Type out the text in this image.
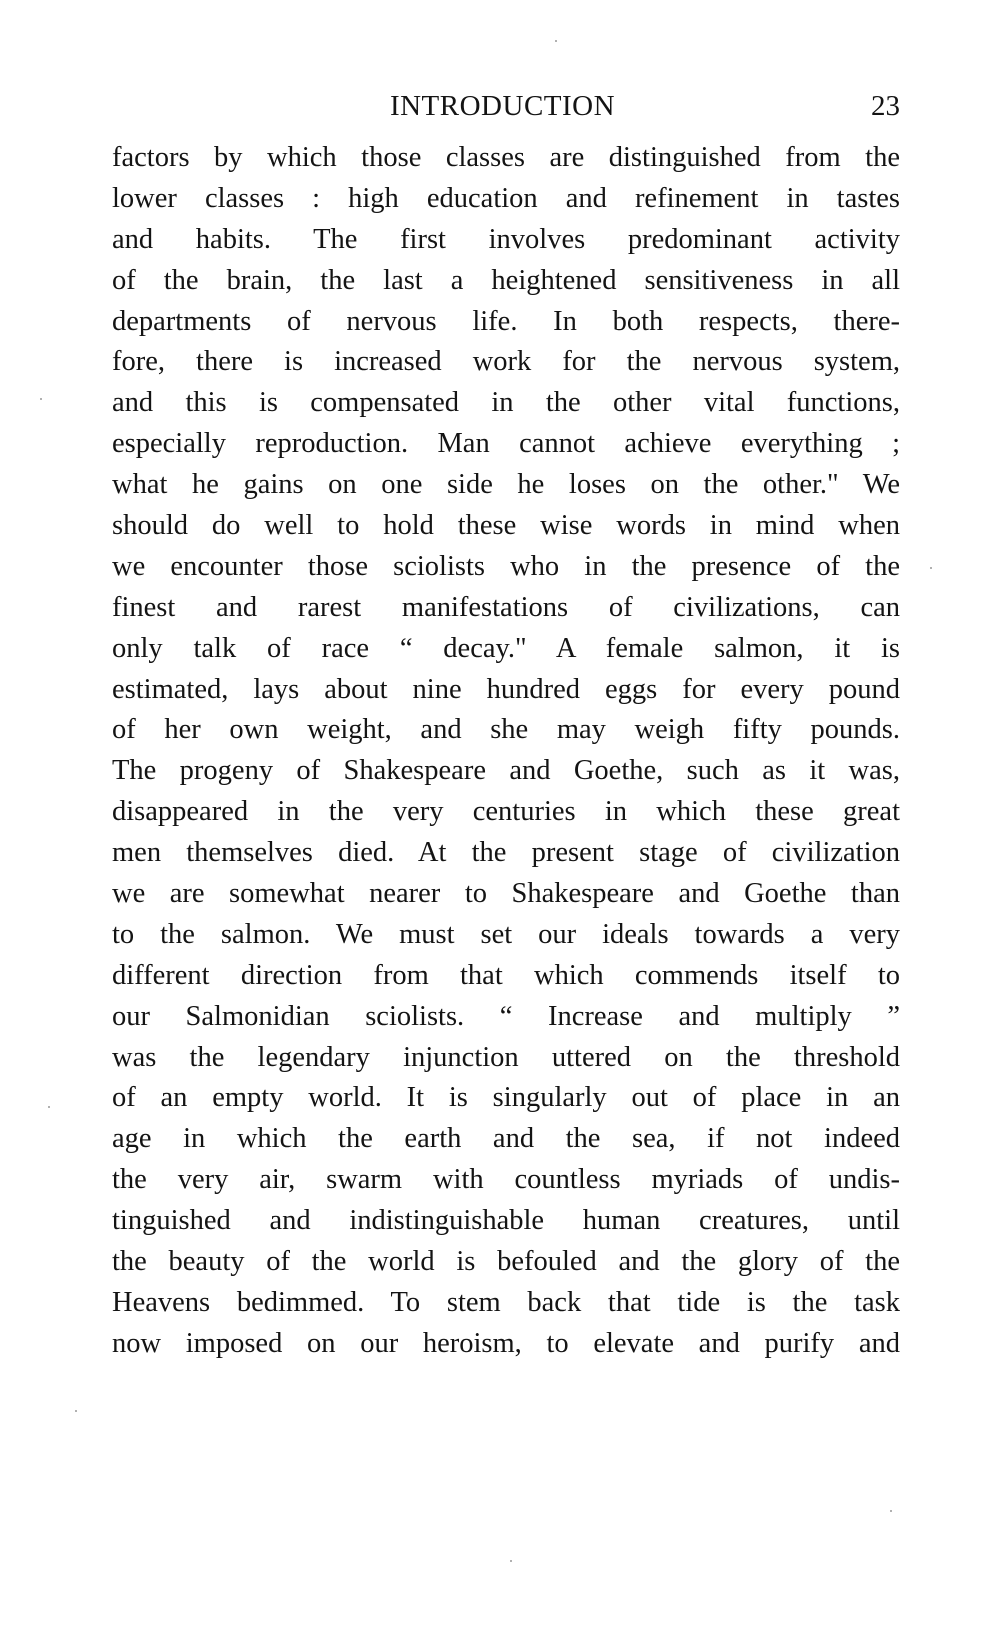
INTRODUCTION	23
factors by which those classes are distinguished from the
lower classes : high education and refinement in tastes
and habits. The first involves predominant activity
of the brain, the last a heightened sensitiveness in all
departments of nervous life. In both respects, there-
fore, there is increased work for the nervous system,
and this is compensated in the other vital functions,
especially reproduction. Man cannot achieve everything ;
what he gains on one side he loses on the other." We
should do well to hold these wise words in mind when
we encounter those sciolists who in the presence of the
finest and rarest manifestations of civilizations, can
only talk of race “ decay." A female salmon, it is
estimated, lays about nine hundred eggs for every pound
of her own weight, and she may weigh fifty pounds.
The progeny of Shakespeare and Goethe, such as it was,
disappeared in the very centuries in which these great
men themselves died. At the present stage of civilization
we are somewhat nearer to Shakespeare and Goethe than
to the salmon. We must set our ideals towards a very
different direction from that which commends itself to
our Salmonidian sciolists. “ Increase and multiply ”
was the legendary injunction uttered on the threshold
of an empty world. It is singularly out of place in an
age in which the earth and the sea, if not indeed
the very air, swarm with countless myriads of undis-
tinguished and indistinguishable human creatures, until
the beauty of the world is befouled and the glory of the
Heavens bedimmed. To stem back that tide is the task
now imposed on our heroism, to elevate and purify and
